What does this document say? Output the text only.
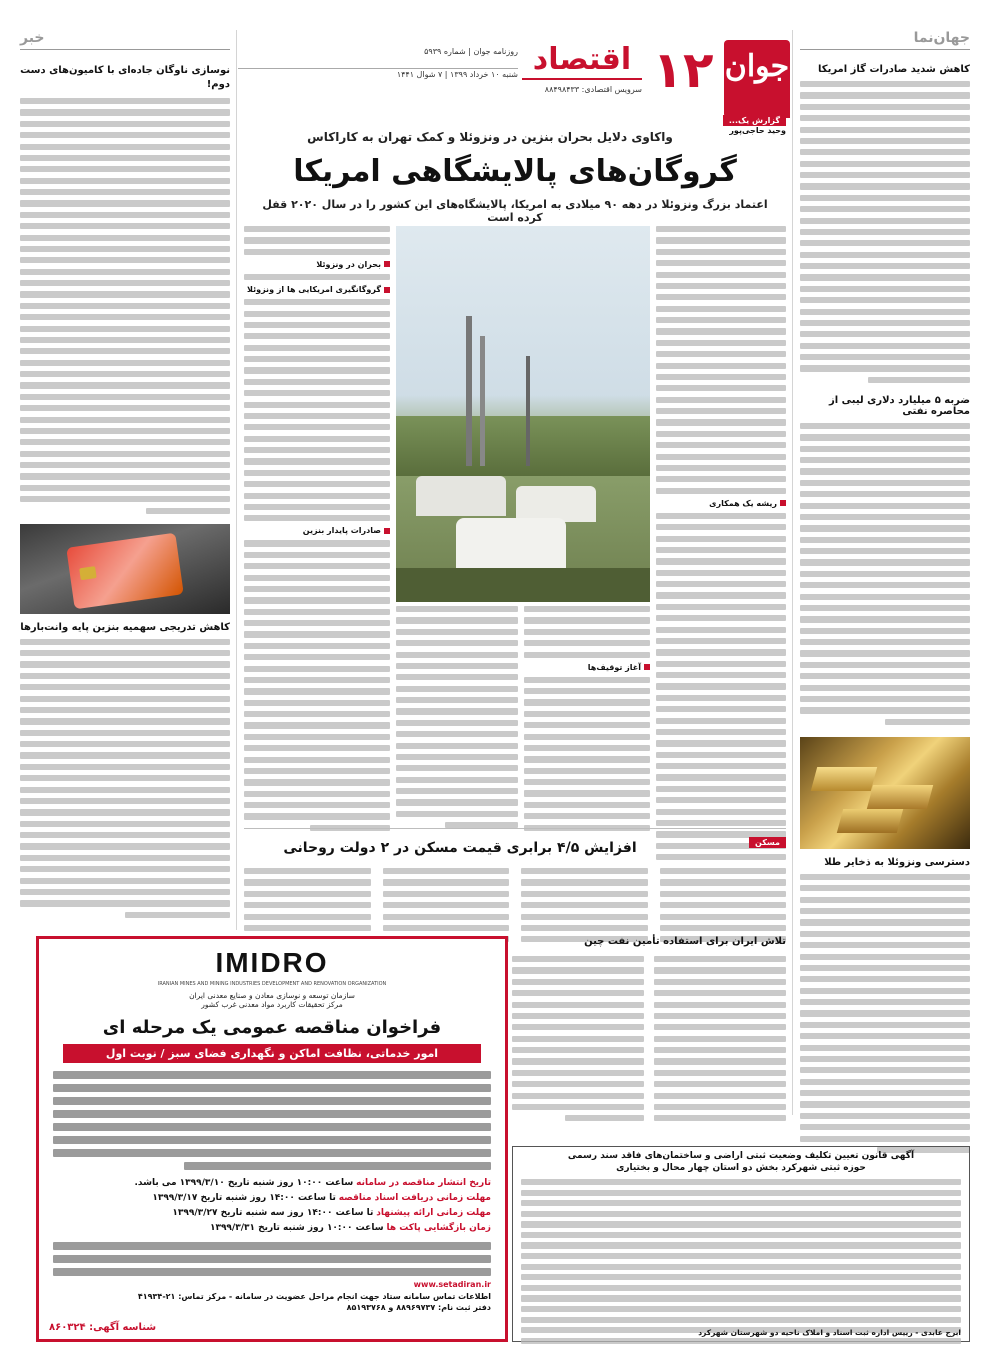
جوان
۱۲
اقتصاد
روزنامه جوان | شماره ۵۹۳۹
شنبه ۱۰ خرداد ۱۳۹۹ | ۷ شوال ۱۴۴۱
سرویس اقتصادی: ۸۸۴۹۸۴۳۳
جهان‌نما
کاهش شدید صادرات گاز امریکا
ضربه ۵ میلیارد دلاری لیبی از محاصره نفتی
دسترسی ونزوئلا به ذخایر طلا
خبر
نوسازی ناوگان جاده‌ای با کامیون‌های دست دوم!
کاهش تدریجی سهمیه بنزین پایه وانت‌بارها
گزارش یک...
وحید حاجی‌پور
واکاوی دلایل بحران بنزین در ونزوئلا و کمک تهران به کاراکاس
گروگان‌های پالایشگاهی امریکا
اعتماد بزرگ ونزوئلا در دهه ۹۰ میلادی به امریکا، پالایشگاه‌های این کشور را در سال ۲۰۲۰ قفل کرده است
ریشه یک همکاری
آغاز توقیف‌ها
بحران در ونزوئلا
گروگانگیری امریکایی ها از ونزوئلا
صادرات پایدار بنزین
مسکن
افزایش ۴/۵ برابری قیمت مسکن در ۲ دولت روحانی
تلاش ایران برای استفاده تأمین نفت چین
IMIDRO
IRANIAN MINES AND MINING INDUSTRIES DEVELOPMENT AND RENOVATION ORGANIZATION
سازمان توسعه و نوسازی معادن و صنایع معدنی ایران
مرکز تحقیقات کاربرد مواد معدنی غرب کشور
فراخوان مناقصه عمومی یک مرحله ای
امور خدماتی، نظافت اماکن و نگهداری فضای سبز / نوبت اول
تاریخ انتشار مناقصه در سامانه ساعت ۱۰:۰۰ روز شنبه تاریخ ۱۳۹۹/۳/۱۰ می باشد.
مهلت زمانی دریافت اسناد مناقصه تا ساعت ۱۴:۰۰ روز شنبه تاریخ ۱۳۹۹/۳/۱۷
مهلت زمانی ارائه پیشنهاد تا ساعت ۱۴:۰۰ روز سه شنبه تاریخ ۱۳۹۹/۳/۲۷
زمان بازگشایی پاکت ها ساعت ۱۰:۰۰ روز شنبه تاریخ ۱۳۹۹/۳/۳۱
www.setadiran.ir
اطلاعات تماس سامانه ستاد جهت انجام مراحل عضویت در سامانه - مرکز تماس: ۲۱-۴۱۹۳۴
دفتر ثبت نام: ۸۸۹۶۹۷۳۷ و ۸۵۱۹۳۷۶۸
شناسه آگهی: ۸۶۰۳۲۴
آگهی قانون تعیین تکلیف وضعیت ثبتی اراضی و ساختمان‌های فاقد سند رسمی
حوزه ثبتی شهرکرد بخش دو استان چهار محال و بختیاری
ابرج عابدی - رییس اداره ثبت اسناد و املاک ناحیه دو شهرستان شهرکرد
